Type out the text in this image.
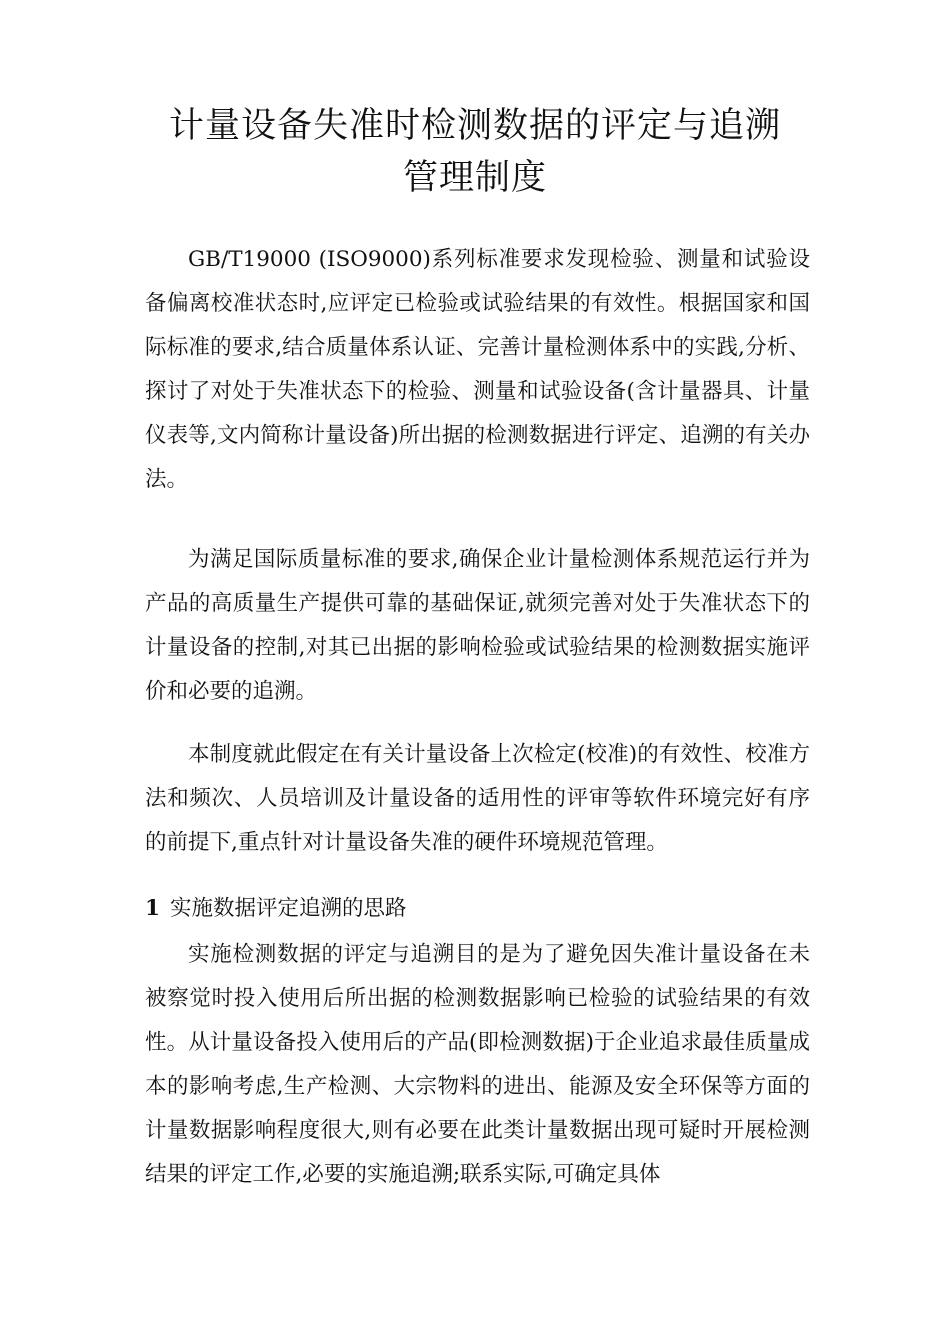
计量设备失准时检测数据的评定与追溯
管理制度

GB/T19000 (ISO9000)系列标准要求发现检验、测量和试验设备偏离校准状态时,应评定已检验或试验结果的有效性。根据国家和国际标准的要求,结合质量体系认证、完善计量检测体系中的实践,分析、探讨了对处于失准状态下的检验、测量和试验设备(含计量器具、计量仪表等,文内简称计量设备)所出据的检测数据进行评定、追溯的有关办法。

为满足国际质量标准的要求,确保企业计量检测体系规范运行并为产品的高质量生产提供可靠的基础保证,就须完善对处于失准状态下的计量设备的控制,对其已出据的影响检验或试验结果的检测数据实施评价和必要的追溯。

本制度就此假定在有关计量设备上次检定(校准)的有效性、校准方法和频次、人员培训及计量设备的适用性的评审等软件环境完好有序的前提下,重点针对计量设备失准的硬件环境规范管理。

1 实施数据评定追溯的思路

实施检测数据的评定与追溯目的是为了避免因失准计量设备在未被察觉时投入使用后所出据的检测数据影响已检验的试验结果的有效性。从计量设备投入使用后的产品(即检测数据)于企业追求最佳质量成本的影响考虑,生产检测、大宗物料的进出、能源及安全环保等方面的计量数据影响程度很大,则有必要在此类计量数据出现可疑时开展检测结果的评定工作,必要的实施追溯;联系实际,可确定具体
